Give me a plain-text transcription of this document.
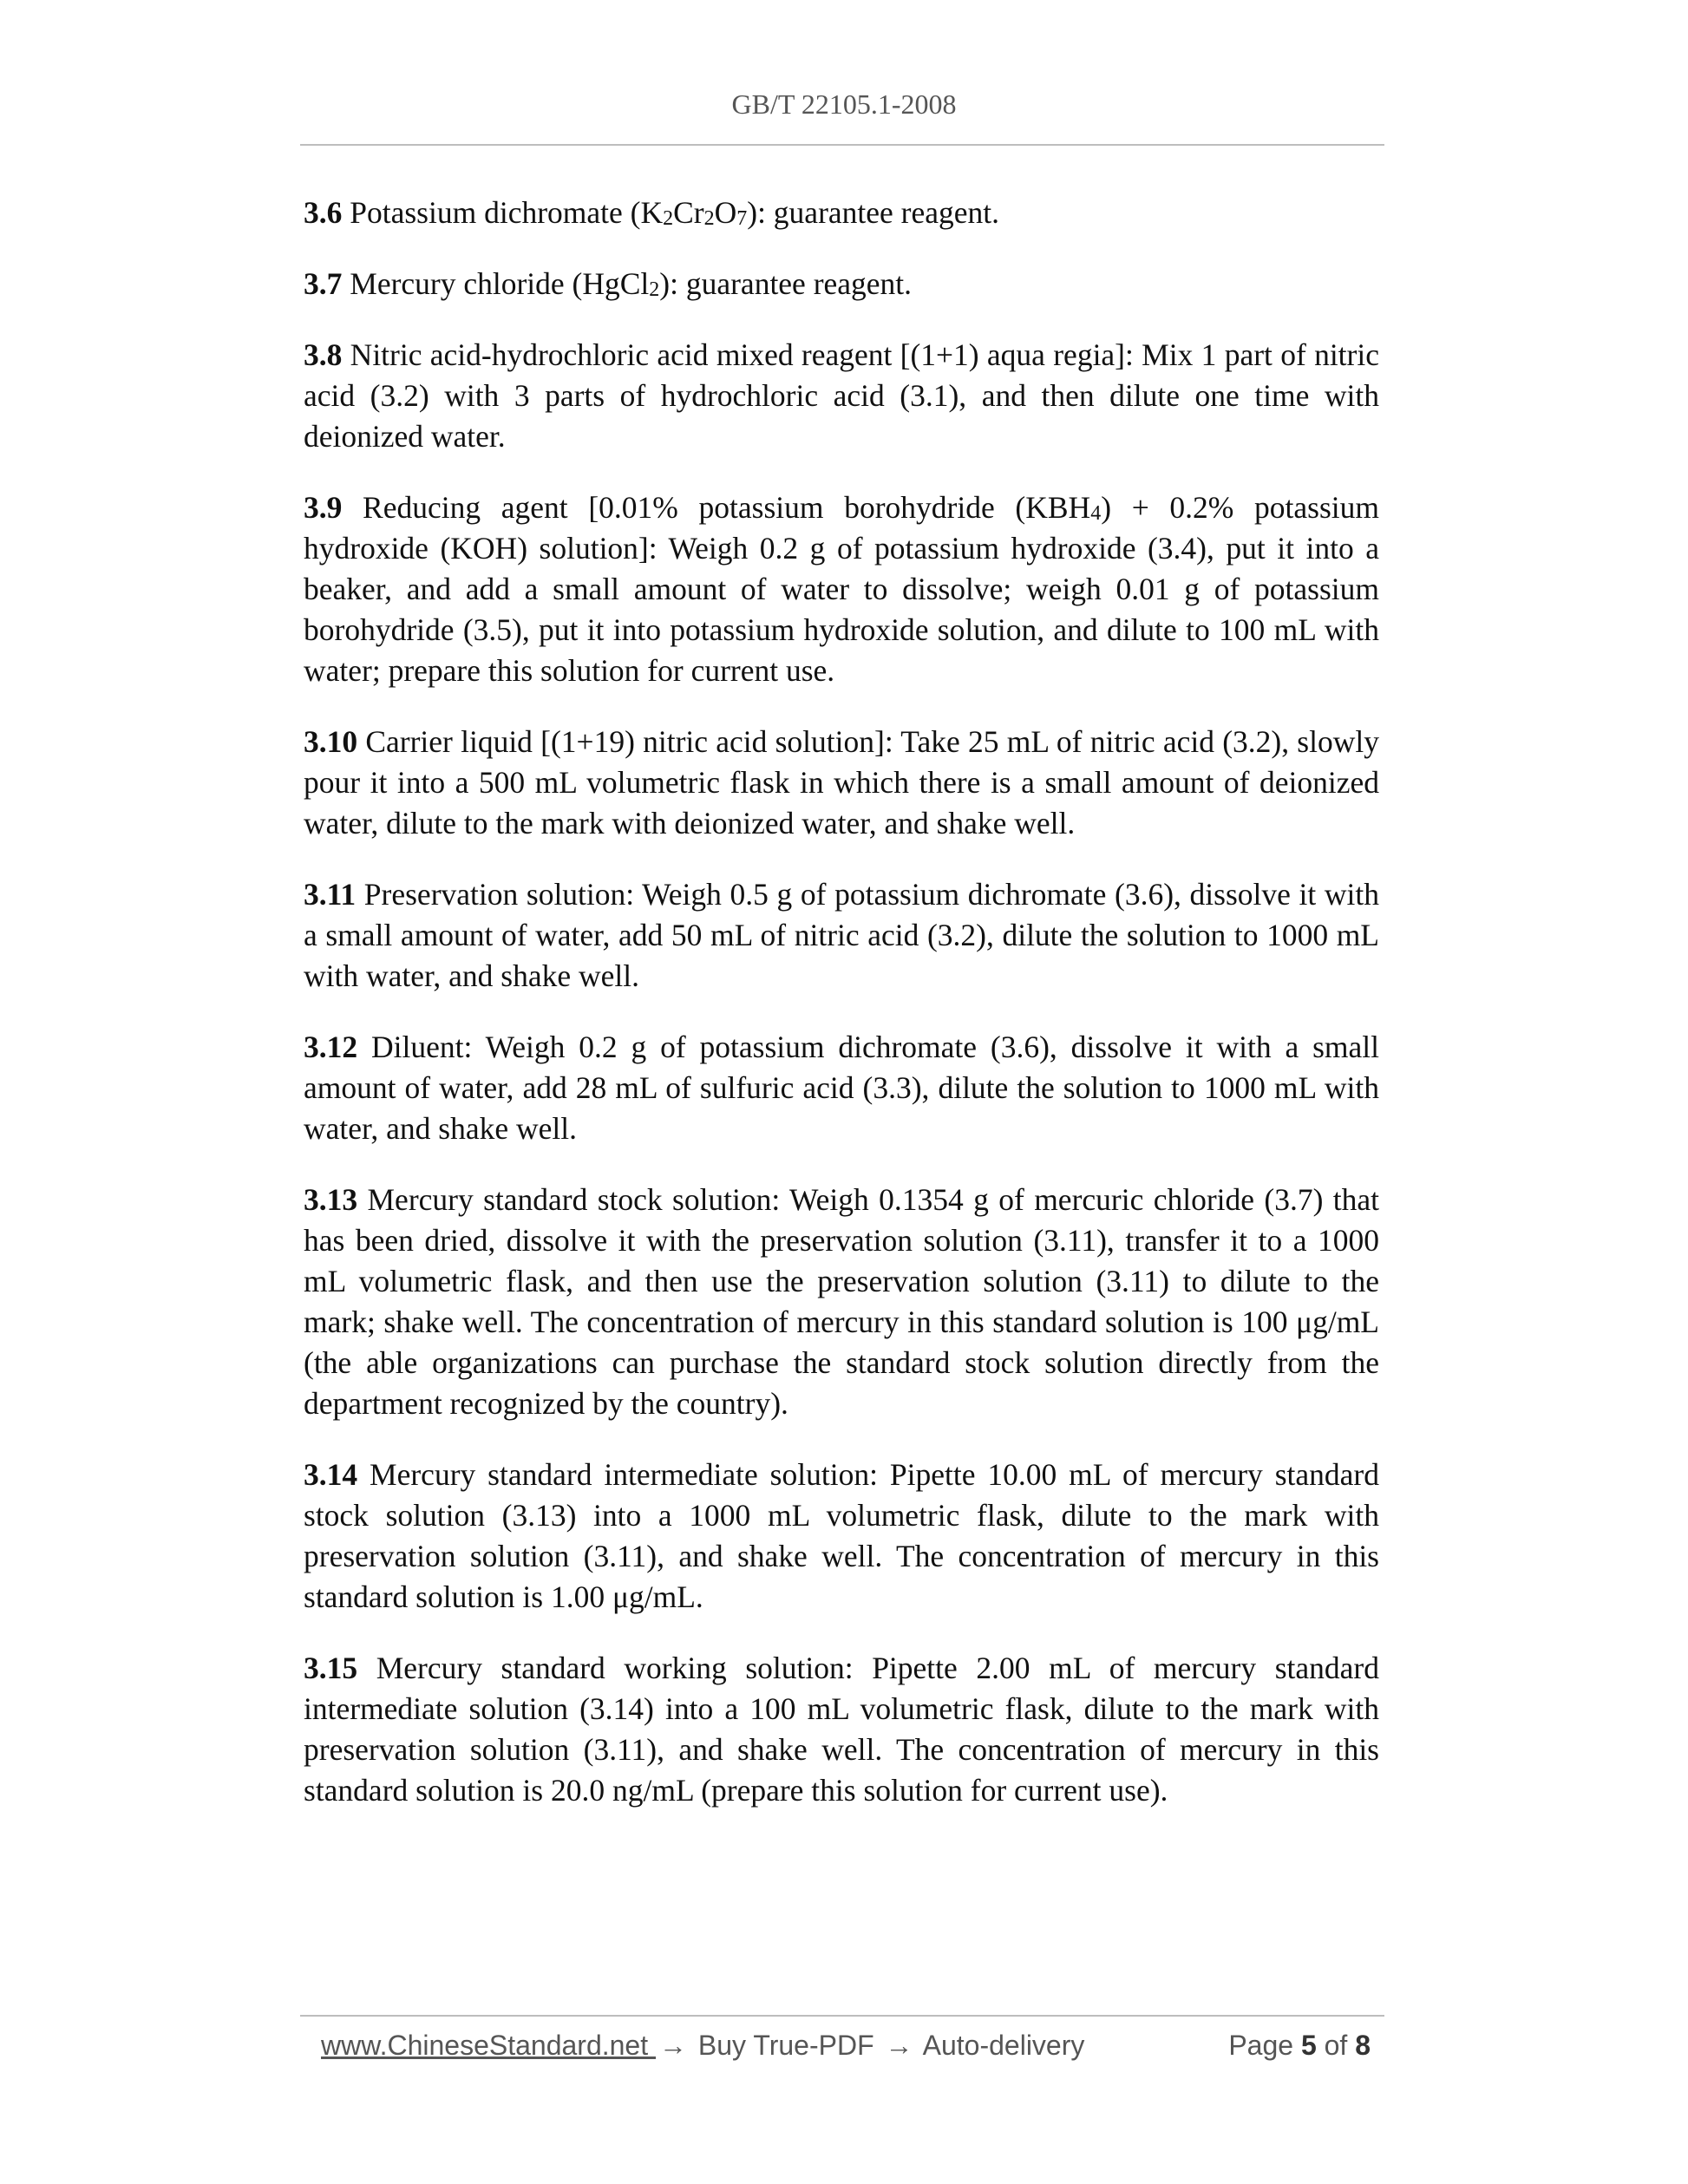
GB/T 22105.1-2008

3.6 Potassium dichromate $(K_2Cr_2O_7)$: guarantee reagent.

3.7 Mercury chloride (HgCl$_2$): guarantee reagent.

3.8 Nitric acid-hydrochloric acid mixed reagent [(1+1) aqua regia]: Mix 1 part of nitric acid (3.2) with 3 parts of hydrochloric acid (3.1), and then dilute one time with deionized water.

3.9 Reducing agent [0.01% potassium borohydride $(KBH_4) + 0.2\%$ potassium hydroxide (KOH) solution]: Weigh 0.2 g of potassium hydroxide (3.4), put it into a beaker, and add a small amount of water to dissolve; weigh 0.01 g of potassium borohydride (3.5), put it into potassium hydroxide solution, and dilute to 100 mL with water; prepare this solution for current use.

3.10 Carrier liquid [(1+19) nitric acid solution]: Take 25 mL of nitric acid (3.2), slowly pour it into a 500 mL volumetric flask in which there is a small amount of deionized water, dilute to the mark with deionized water, and shake well.

3.11 Preservation solution: Weigh 0.5 g of potassium dichromate (3.6), dissolve it with a small amount of water, add 50 mL of nitric acid (3.2), dilute the solution to 1000 mL with water, and shake well.

3.12 Diluent: Weigh 0.2 g of potassium dichromate (3.6), dissolve it with a small amount of water, add 28 mL of sulfuric acid (3.3), dilute the solution to 1000 mL with water, and shake well.

3.13 Mercury standard stock solution: Weigh 0.1354 g of mercuric chloride (3.7) that has been dried, dissolve it with the preservation solution (3.11), transfer it to a 1000 mL volumetric flask, and then use the preservation solution (3.11) to dilute to the mark; shake well. The concentration of mercury in this standard solution is 100 μg/mL (the able organizations can purchase the standard stock solution directly from the department recognized by the country).

3.14 Mercury standard intermediate solution: Pipette 10.00 mL of mercury standard stock solution (3.13) into a 1000 mL volumetric flask, dilute to the mark with preservation solution (3.11), and shake well. The concentration of mercury in this standard solution is 1.00 μg/mL.

3.15 Mercury standard working solution: Pipette 2.00 mL of mercury standard intermediate solution (3.14) into a 100 mL volumetric flask, dilute to the mark with preservation solution (3.11), and shake well. The concentration of mercury in this standard solution is 20.0 ng/mL (prepare this solution for current use).

www.ChineseStandard.net → Buy True-PDF → Auto-delivery	Page 5 of 8
